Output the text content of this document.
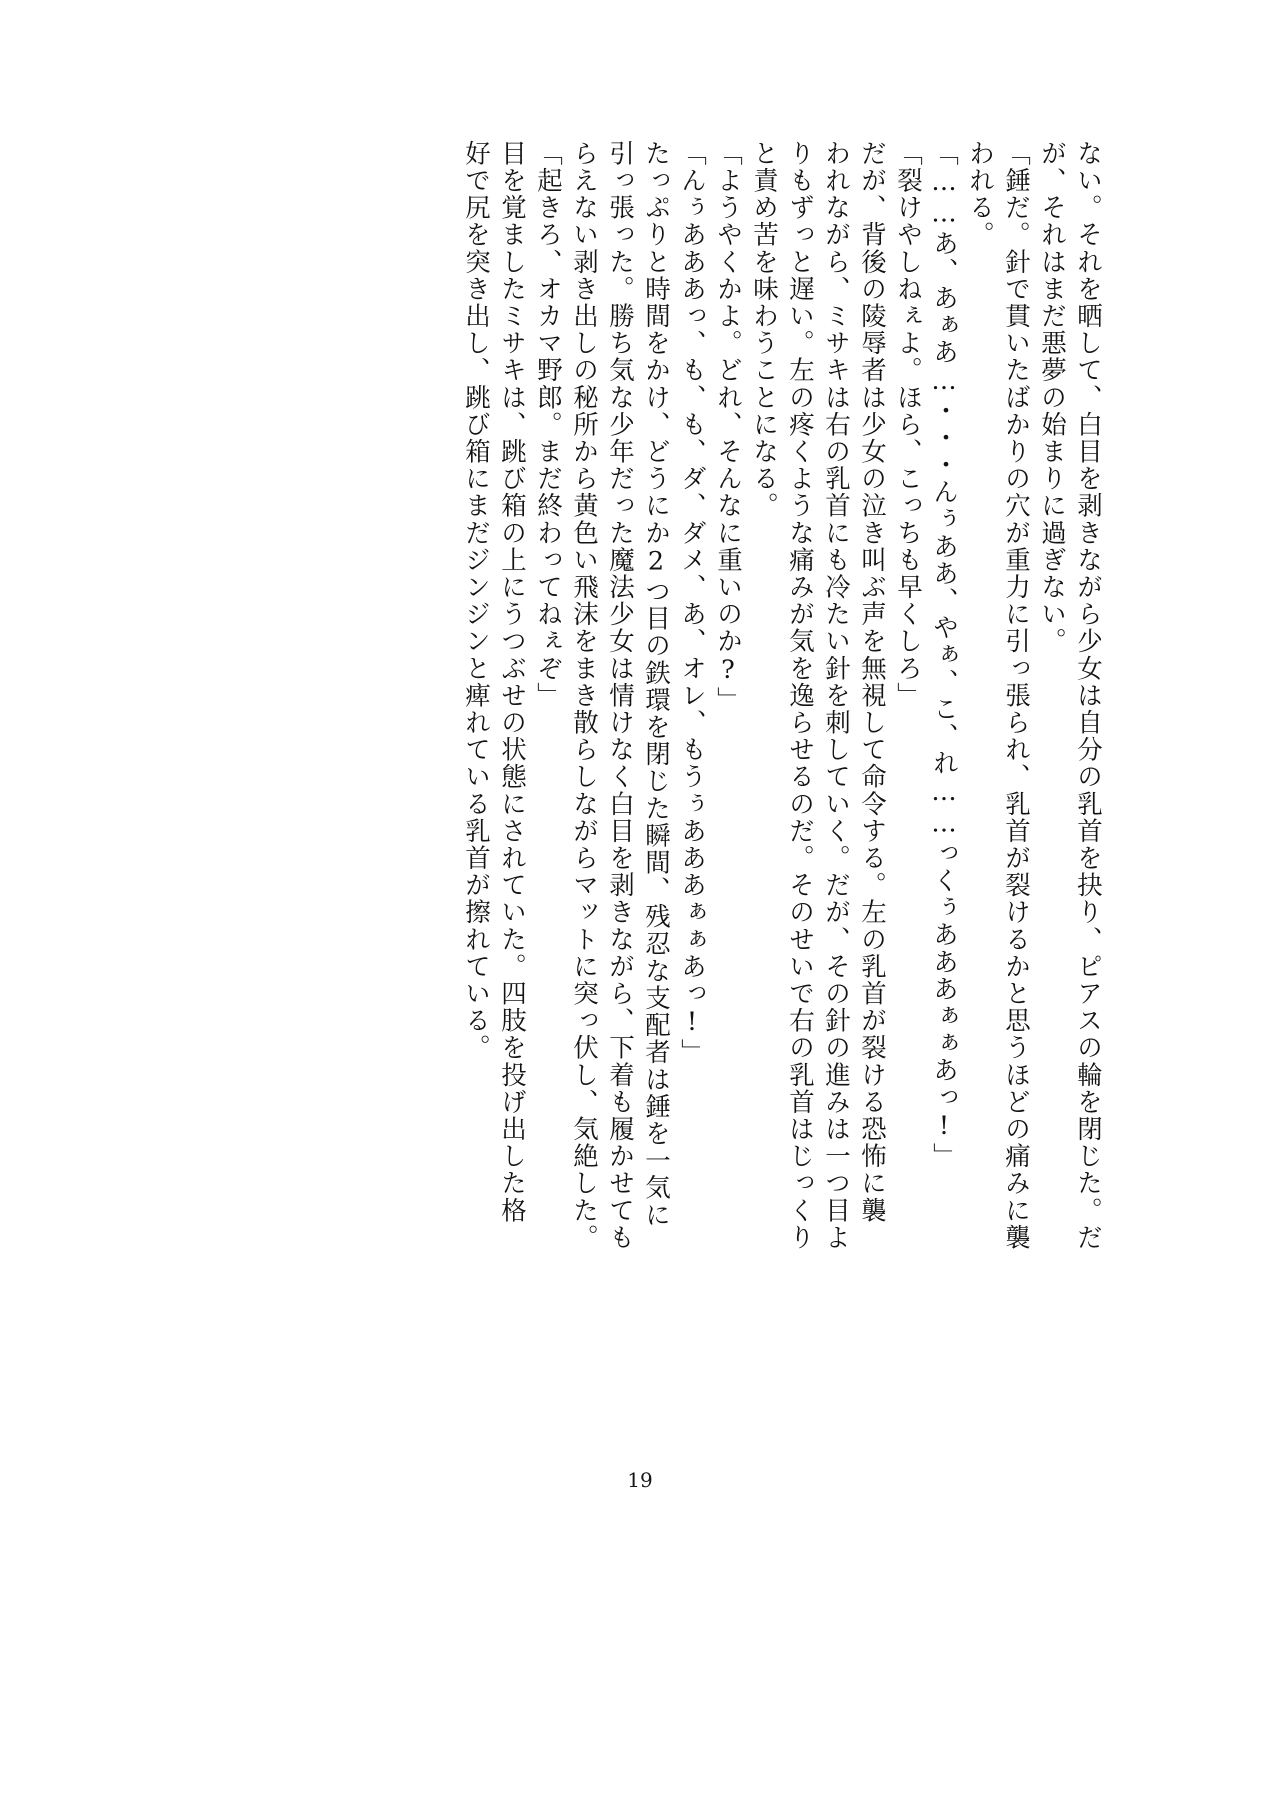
ない。それを晒して、白目を剥きながら少女は自分の乳首を抉り、ピアスの輪を閉じた。だ
が、それはまだ悪夢の始まりに過ぎない。
「錘だ。針で貫いたばかりの穴が重力に引っ張られ、乳首が裂けるかと思うほどの痛みに襲
われる。
「……あ、あぁあ…･･･んぅああ、やぁ、こ、れ……っくぅあああぁぁあっ!」
「裂けやしねぇよ。ほら、こっちも早くしろ」
だが、背後の陵辱者は少女の泣き叫ぶ声を無視して命令する。左の乳首が裂ける恐怖に襲
われながら、ミサキは右の乳首にも冷たい針を刺していく。だが、その針の進みは一つ目よ
りもずっと遅い。左の疼くような痛みが気を逸らせるのだ。そのせいで右の乳首はじっくり
と責め苦を味わうことになる。
「ようやくかよ。どれ、そんなに重いのか?」
「んぅあああっ、も、も、ダ、ダメ、あ、オレ、もうぅあああぁぁあっ!」
たっぷりと時間をかけ、どうにか2つ目の鉄環を閉じた瞬間、残忍な支配者は錘を一気に
引っ張った。勝ち気な少年だった魔法少女は情けなく白目を剥きながら、下着も履かせても
らえない剥き出しの秘所から黄色い飛沫をまき散らしながらマットに突っ伏し、気絶した。
「起きろ、オカマ野郎。まだ終わってねぇぞ」
目を覚ましたミサキは、跳び箱の上にうつぶせの状態にされていた。四肢を投げ出した格
好で尻を突き出し、跳び箱にまだジンジンと痺れている乳首が擦れている。
19
